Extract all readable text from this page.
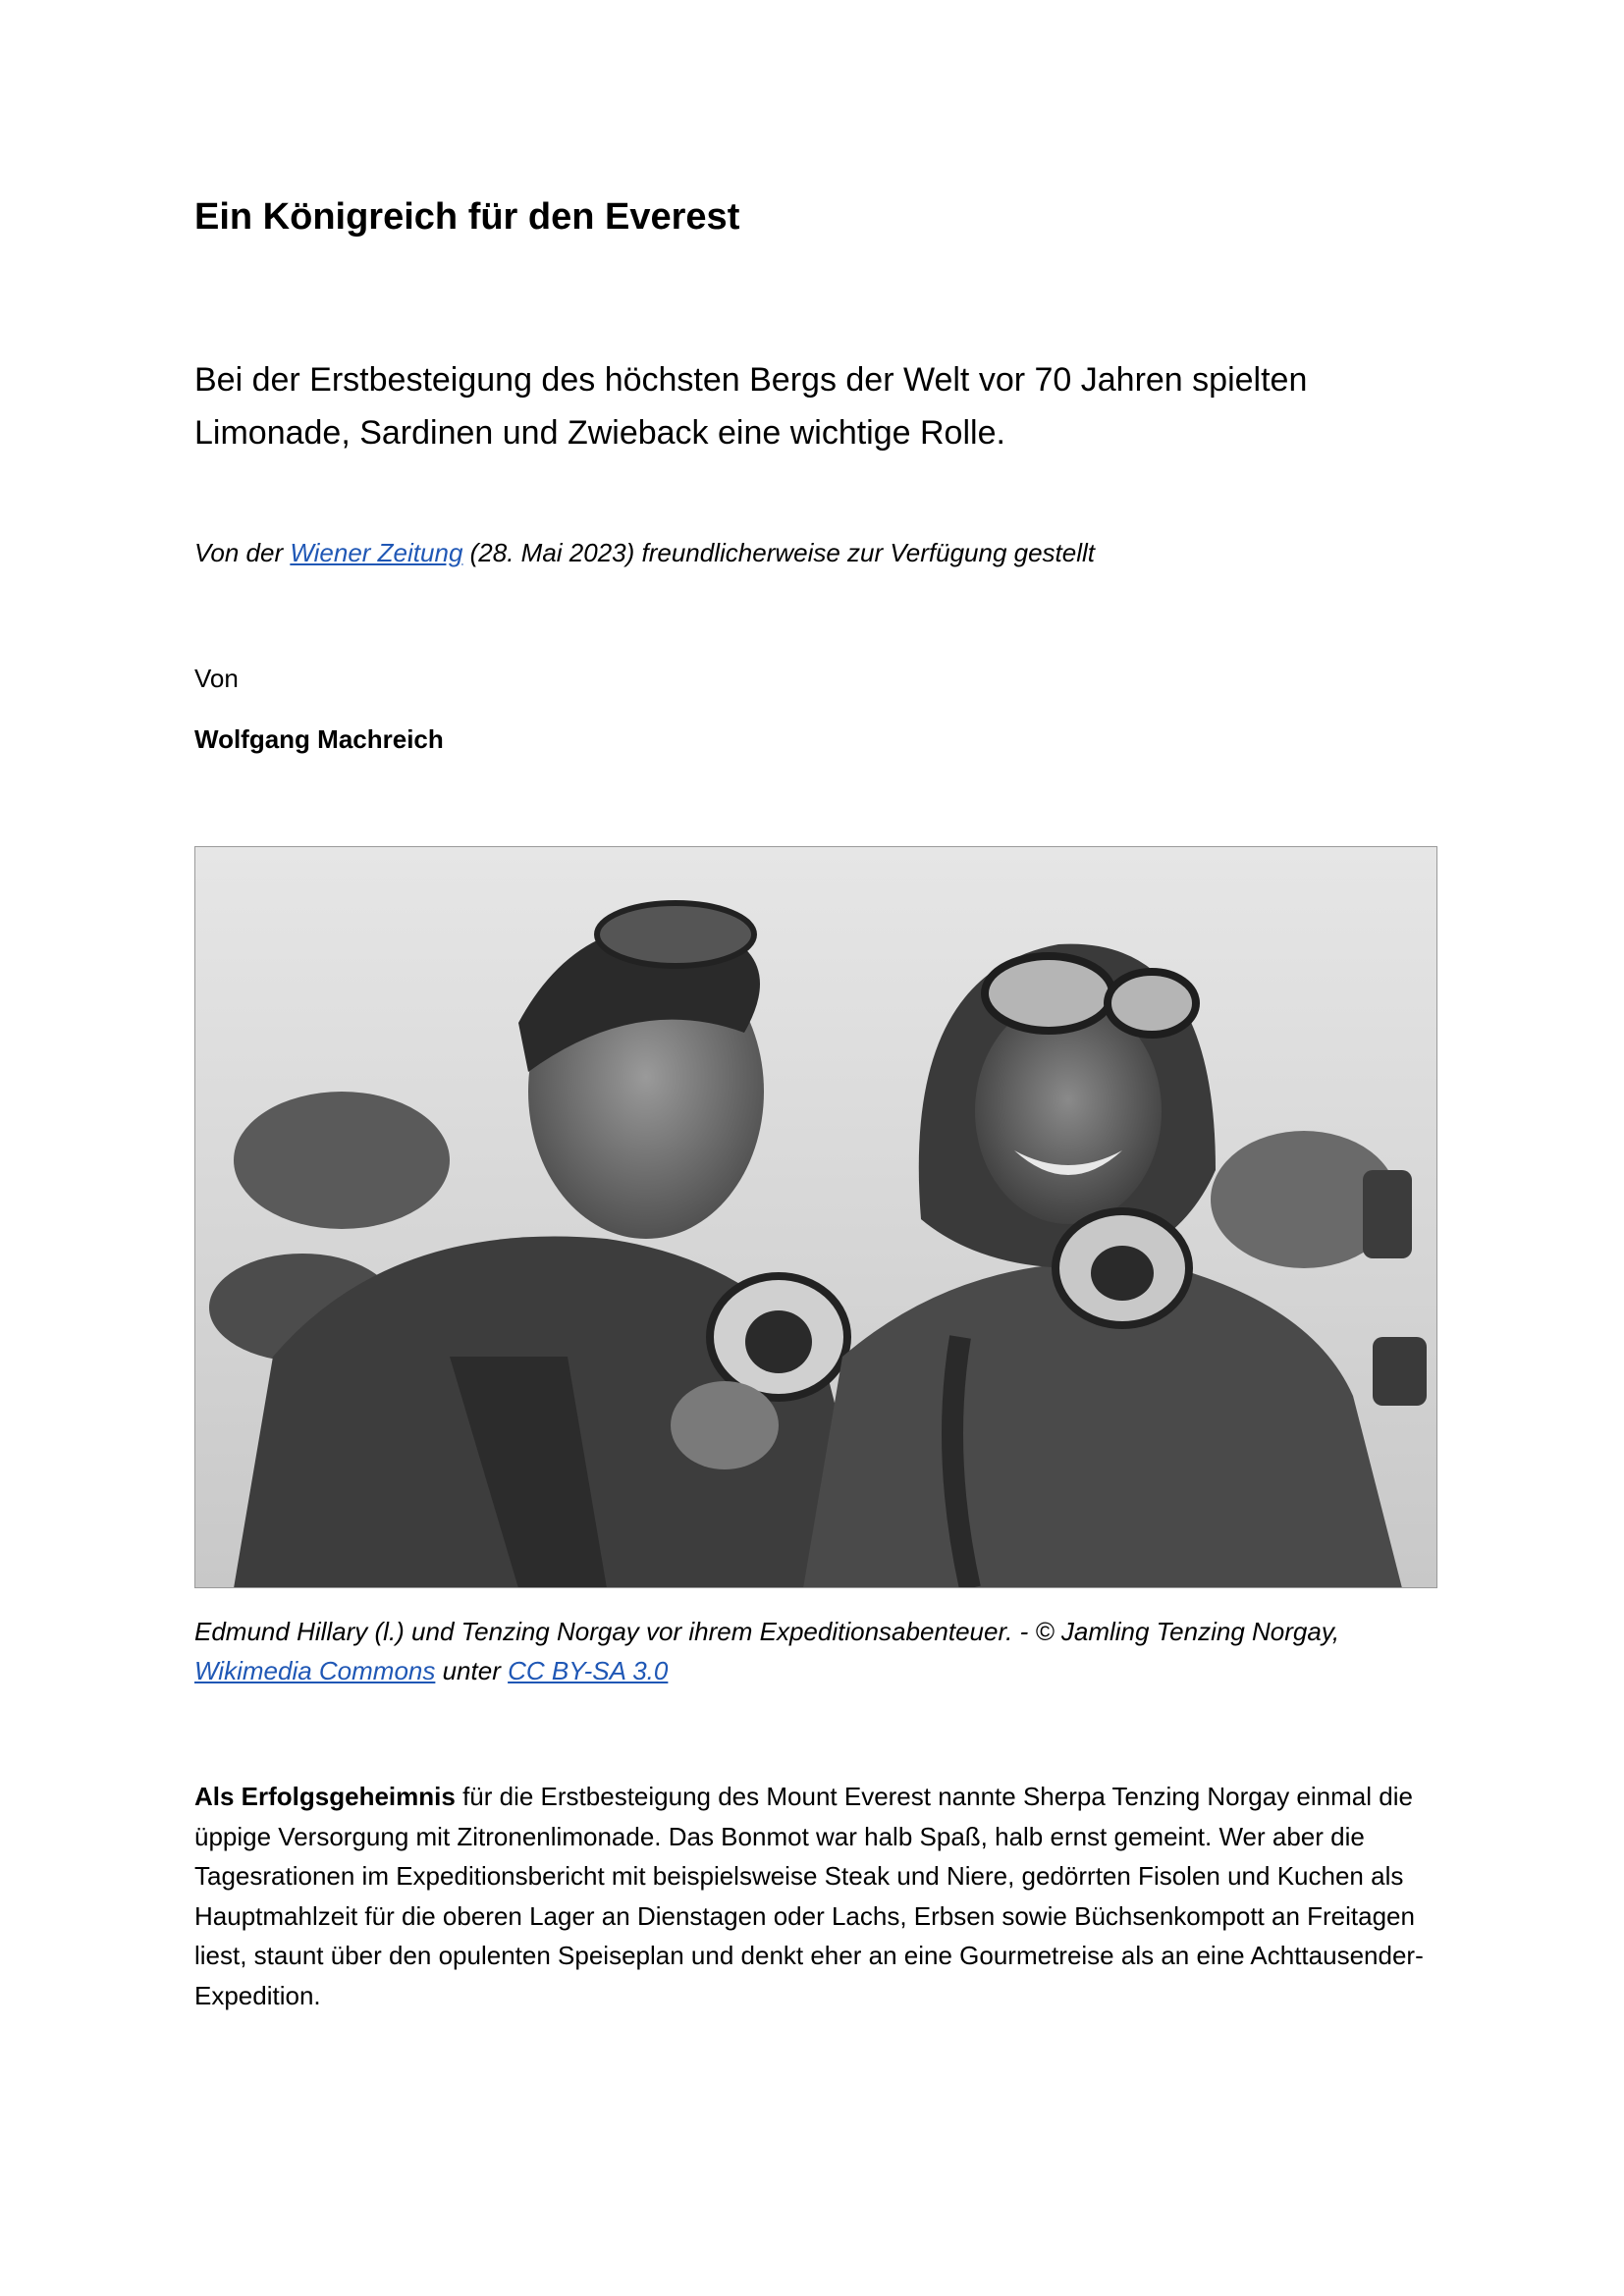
Ein Königreich für den Everest

Bei der Erstbesteigung des höchsten Bergs der Welt vor 70 Jahren spielten Limonade, Sardinen und Zwieback eine wichtige Rolle.

Von der Wiener Zeitung (28. Mai 2023) freundlicherweise zur Verfügung gestellt

Von

Wolfgang Machreich

Edmund Hillary (l.) und Tenzing Norgay vor ihrem Expeditionsabenteuer. - © Jamling Tenzing Norgay, Wikimedia Commons unter CC BY-SA 3.0

Als Erfolgsgeheimnis für die Erstbesteigung des Mount Everest nannte Sherpa Tenzing Norgay einmal die üppige Versorgung mit Zitronenlimonade. Das Bonmot war halb Spaß, halb ernst gemeint. Wer aber die Tagesrationen im Expeditionsbericht mit beispielsweise Steak und Niere, gedörrten Fisolen und Kuchen als Hauptmahlzeit für die oberen Lager an Dienstagen oder Lachs, Erbsen sowie Büchsenkompott an Freitagen liest, staunt über den opulenten Speiseplan und denkt eher an eine Gourmetreise als an eine Achttausender-Expedition.
